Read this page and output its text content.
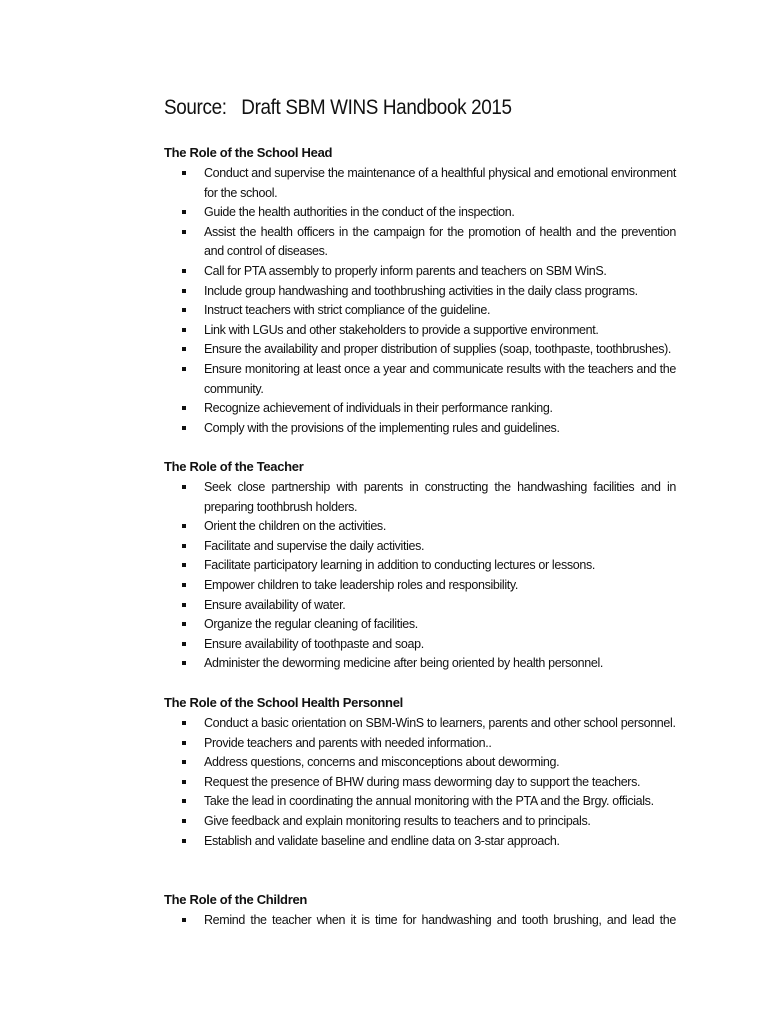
Source:   Draft SBM WINS Handbook 2015
The Role of the School Head
Conduct and supervise the maintenance of a healthful physical and emotional environment for the school.
Guide the health authorities in the conduct of the inspection.
Assist the health officers in the campaign for the promotion of health and the prevention and control of diseases.
Call for PTA assembly to properly inform parents and teachers on SBM WinS.
Include group handwashing and toothbrushing activities in the daily class programs.
Instruct teachers with strict compliance of the guideline.
Link with LGUs and other stakeholders to provide a supportive environment.
Ensure the availability and proper distribution of supplies (soap, toothpaste, toothbrushes).
Ensure monitoring at least once a year and communicate results with the teachers and the community.
Recognize achievement of individuals in their performance ranking.
Comply with the provisions of the implementing rules and guidelines.
The Role of the Teacher
Seek close partnership with parents in constructing the handwashing facilities and in preparing toothbrush holders.
Orient the children on the activities.
Facilitate and supervise the daily activities.
Facilitate participatory learning in addition to conducting lectures or lessons.
Empower children to take leadership roles and responsibility.
Ensure availability of water.
Organize the regular cleaning of facilities.
Ensure availability of toothpaste and soap.
Administer the deworming medicine after being oriented by health personnel.
The Role of the School Health Personnel
Conduct a basic orientation on SBM-WinS to learners, parents and other school personnel.
Provide teachers and parents with needed information..
Address questions, concerns and misconceptions about deworming.
Request the presence of BHW during mass deworming day to support the teachers.
Take the lead in coordinating the annual monitoring with the PTA and the Brgy. officials.
Give feedback and explain monitoring results to teachers and to principals.
Establish and validate baseline and endline data on 3-star approach.
The Role of the Children
Remind the teacher when it is time for handwashing and tooth brushing, and lead the
